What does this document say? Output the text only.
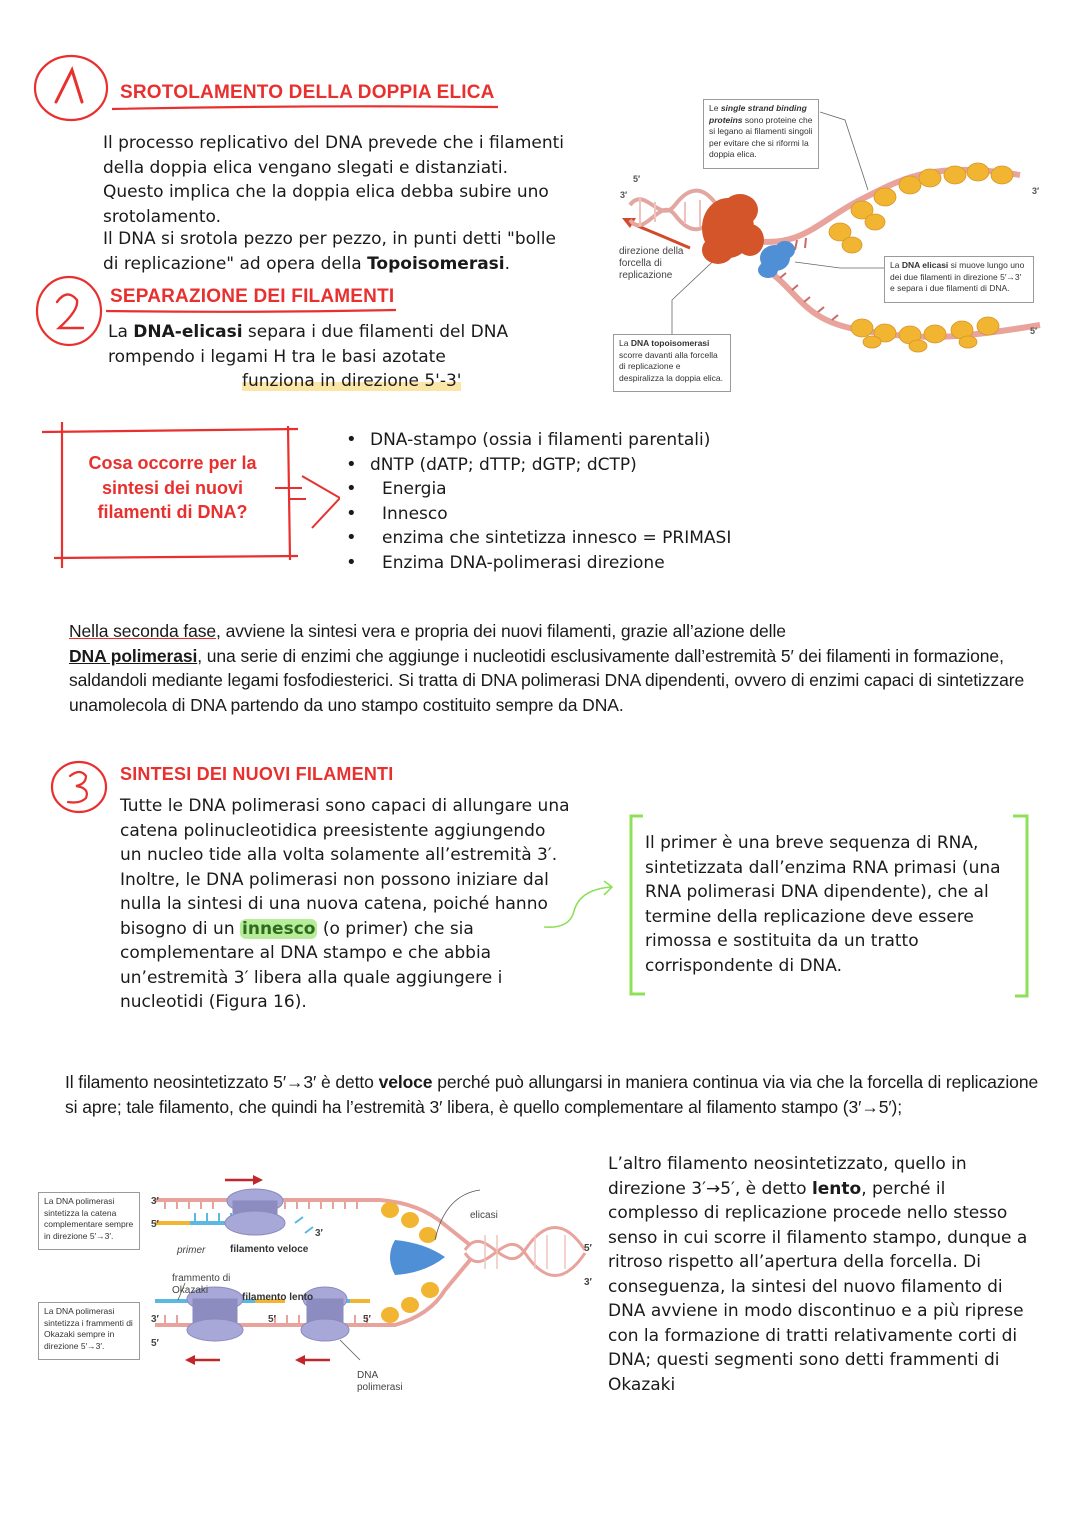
SROTOLAMENTO DELLA DOPPIA ELICA

Il processo replicativo del DNA prevede che i filamenti

della doppia elica vengano slegati e distanziati.

Questo implica che la doppia elica debba subire uno

srotolamento.

Il DNA si srotola pezzo per pezzo, in punti detti "bolle

di replicazione" ad opera della Topoisomerasi.

5′
3′	3′
5′
Le single strand binding proteins sono proteine che si legano ai filamenti singoli per evitare che si riformi la doppia elica.
direzione della forcella di replicazione
La DNA elicasi si muove lungo uno dei due filamenti in direzione 5′→3′ e separa i due filamenti di DNA.
La DNA topoisomerasi scorre davanti alla forcella di replicazione e despiralizza la doppia elica.
SEPARAZIONE DEI FILAMENTI

La DNA-elicasi separa i due filamenti del DNA

rompendo i legami H tra le basi azotate

funziona in direzione 5'-3'

Cosa occorre per la sintesi dei nuovi filamenti di DNA?
• DNA-stampo (ossia i filamenti parentali)
• dNTP (dATP; dTTP; dGTP; dCTP)
• Energia
• Innesco
• enzima che sintetizza innesco = PRIMASI
• Enzima DNA-polimerasi direzione
Nella seconda fase, avviene la sintesi vera e propria dei nuovi filamenti, grazie all’azione delle
DNA polimerasi, una serie di enzimi che aggiunge i nucleotidi esclusivamente dall’estremità 5′ dei filamenti in formazione, saldandoli mediante legami fosfodiesterici. Si tratta di DNA polimerasi DNA dipendenti, ovvero di enzimi capaci di sintetizzare unamolecola di DNA partendo da uno stampo costituito sempre da DNA.
SINTESI DEI NUOVI FILAMENTI
Tutte le DNA polimerasi sono capaci di allungare una catena polinucleotidica preesistente aggiungendo un nucleo tide alla volta solamente all’estremità 3′. Inoltre, le DNA polimerasi non possono iniziare dal nulla la sintesi di una nuova catena, poiché hanno bisogno di un innesco (o primer) che sia complementare al DNA stampo e che abbia un’estremità 3′ libera alla quale aggiungere i nucleotidi (Figura 16).
Il primer è una breve sequenza di RNA, sintetizzata dall’enzima RNA primasi (una RNA polimerasi DNA dipendente), che al termine della replicazione deve essere rimossa e sostituita da un tratto corrispondente di DNA.
Il filamento neosintetizzato 5′→3′ è detto veloce perché può allungarsi in maniera continua via via che la forcella di replicazione si apre; tale filamento, che quindi ha l’estremità 3′ libera, è quello complementare al filamento stampo (3′→5′);
La DNA polimerasi sintetizza la catena complementare sempre in direzione 5′→3′.
La DNA polimerasi sintetizza i frammenti di Okazaki sempre in direzione 5′→3′.
3′
5′
3′
primer filamento veloce
frammento di Okazaki
filamento lento
3′
5′
5′	5′
elicasi
DNA polimerasi
5′
3′
L’altro filamento neosintetizzato, quello in direzione 3′→5′, è detto lento, perché il complesso di replicazione procede nello stesso senso in cui scorre il filamento stampo, dunque a ritroso rispetto all’apertura della forcella. Di conseguenza, la sintesi del nuovo filamento di DNA avviene in modo discontinuo e a più riprese con la formazione di tratti relativamente corti di DNA; questi segmenti sono detti frammenti di Okazaki
